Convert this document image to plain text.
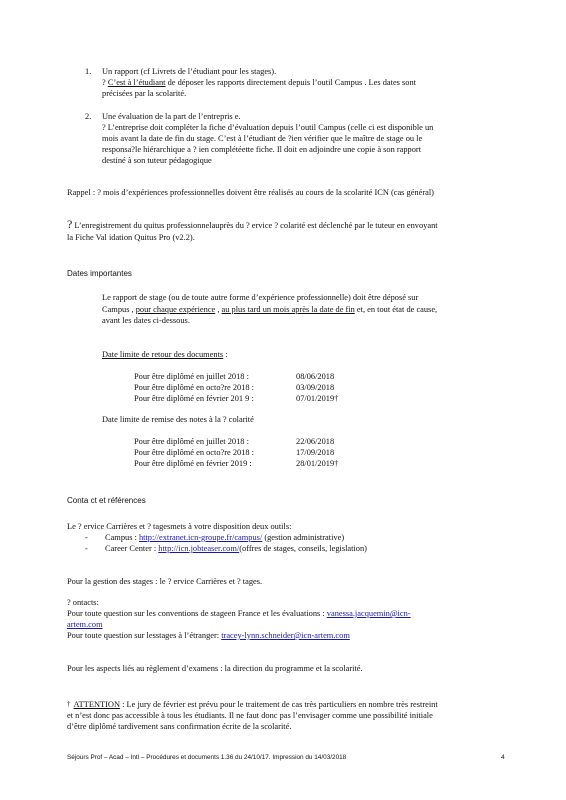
1. Un rapport (cf Livrets de l’étudiant pour les stages).
? C’est à l’étudiant de déposer les rapports directement depuis l’outil Campus . Les dates sont
précisées par la scolarité.
2. Une évaluation de la part de l’entrepris e.
? L’entreprise doit compléter la fiche d’évaluation depuis l’outil Campus (celle ci est disponible un
mois avant la date de fin du stage. C’est à l’étudiant de ?ien vérifier que le maître de stage ou le
responsa?le hiérarchique a ? ien complétéette fiche. Il doit en adjoindre une copie à son rapport
destiné à son tuteur pédagogique
Rappel : ? mois d’expériences professionnelles doivent être réalisés au cours de la scolarité ICN (cas général)
? L’enregistrement du quitus professionnelauprès du ? ervice ? colarité est déclenché par le tuteur en envoyant
la Fiche Val idation Quitus Pro (v2.2).
Dates importantes
Le rapport de stage (ou de toute autre forme d’expérience professionnelle) doit être déposé sur
Campus , pour chaque expérience , au plus tard un mois après la date de fin et, en tout état de cause,
avant les dates ci-dessous.
Date limite de retour des documents :
Pour être diplômé en juillet 2018 :	08/06/2018
Pour être diplômé en octo?re 2018 :	03/09/2018
Pour être diplômé en février 201 9 :	07/01/2019†
Date limite de remise des notes à la ? colarité
Pour être diplômé en juillet 2018 :	22/06/2018
Pour être diplômé en octo?re 2018 :	17/09/2018
Pour être diplômé en février 2019 :	28/01/2019†
Conta ct et références
Le ? ervice Carrières et ? tagesmets à votre disposition deux outils:
- Campus : http://extranet.icn-groupe.fr/campus/ (gestion administrative)
- Career Center : http://icn.jobteaser.com/(offres de stages, conseils, legislation)
Pour la gestion des stages : le ? ervice Carrières et ? tages.
? ontacts:
Pour toute question sur les conventions de stageen France et les évaluations : vanessa.jacquemin@icn-
artem.com
Pour toute question sur lesstages à l’étranger: tracey-lynn.schneider@icn-artem.com
Pour les aspects liés au règlement d’examens : la direction du programme et la scolarité.
† ATTENTION : Le jury de février est prévu pour le traitement de cas très particuliers en nombre très restreint
et n’est donc pas accessible à tous les étudiants. Il ne faut donc pas l’envisager comme une possibilité initiale
d’être diplômé tardivement sans confirmation écrite de la scolarité.
Séjours Prof – Acad – Intl – Procédures et documents 1.36 du 24/10/17. Impression du 14/03/2018	4
